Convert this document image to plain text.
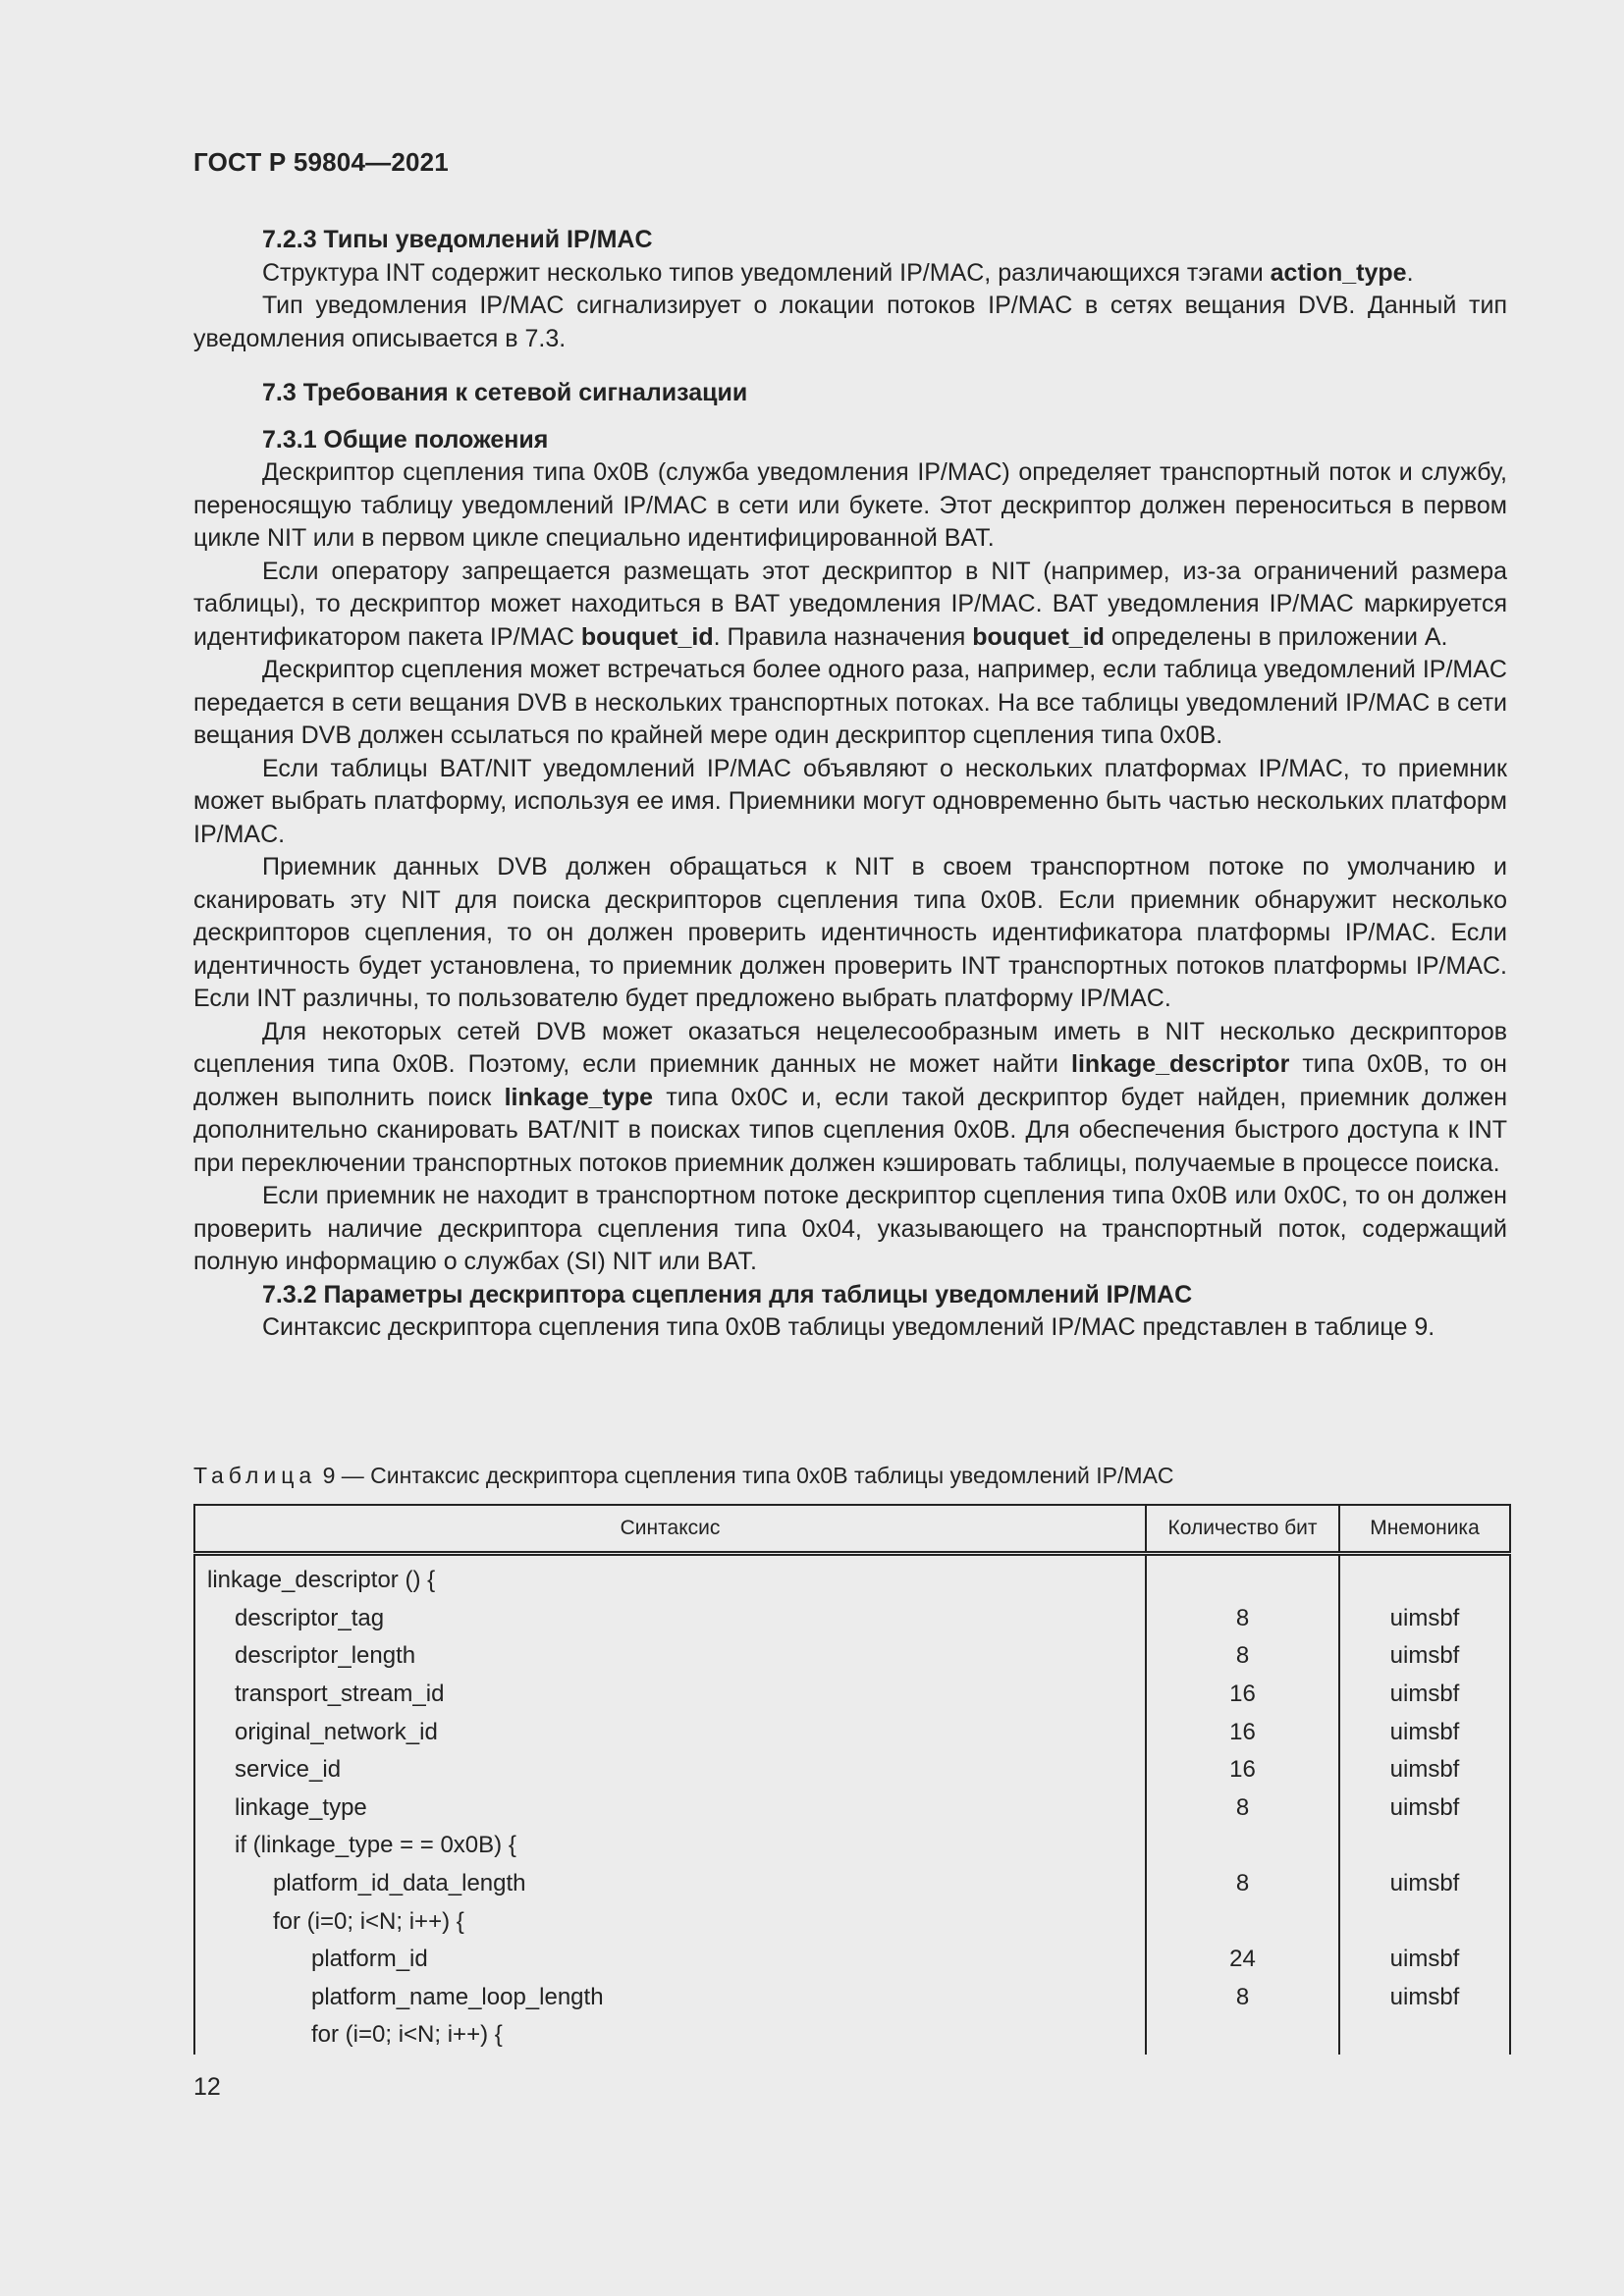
ГОСТ Р 59804—2021

7.2.3 Типы уведомлений IP/MAC

Структура INT содержит несколько типов уведомлений IP/MAC, различающихся тэгами action_type.

Тип уведомления IP/MAC сигнализирует о локации потоков IP/MAC в сетях вещания DVB. Данный тип уведомления описывается в 7.3.

7.3 Требования к сетевой сигнализации

7.3.1 Общие положения

Дескриптор сцепления типа 0x0B (служба уведомления IP/MAC) определяет транспортный поток и службу, переносящую таблицу уведомлений IP/MAC в сети или букете. Этот дескриптор должен переноситься в первом цикле NIT или в первом цикле специально идентифицированной BAT.

Если оператору запрещается размещать этот дескриптор в NIT (например, из-за ограничений размера таблицы), то дескриптор может находиться в BAT уведомления IP/MAC. BAT уведомления IP/MAC маркируется идентификатором пакета IP/MAC bouquet_id. Правила назначения bouquet_id определены в приложении А.

Дескриптор сцепления может встречаться более одного раза, например, если таблица уведомлений IP/MAC передается в сети вещания DVB в нескольких транспортных потоках. На все таблицы уведомлений IP/MAC в сети вещания DVB должен ссылаться по крайней мере один дескриптор сцепления типа 0x0B.

Если таблицы BAT/NIT уведомлений IP/MAC объявляют о нескольких платформах IP/MAC, то приемник может выбрать платформу, используя ее имя. Приемники могут одновременно быть частью нескольких платформ IP/MAC.

Приемник данных DVB должен обращаться к NIT в своем транспортном потоке по умолчанию и сканировать эту NIT для поиска дескрипторов сцепления типа 0x0B. Если приемник обнаружит несколько дескрипторов сцепления, то он должен проверить идентичность идентификатора платформы IP/MAC. Если идентичность будет установлена, то приемник должен проверить INT транспортных потоков платформы IP/MAC. Если INT различны, то пользователю будет предложено выбрать платформу IP/MAC.

Для некоторых сетей DVB может оказаться нецелесообразным иметь в NIT несколько дескрипторов сцепления типа 0x0B. Поэтому, если приемник данных не может найти linkage_descriptor типа 0x0B, то он должен выполнить поиск linkage_type типа 0x0C и, если такой дескриптор будет найден, приемник должен дополнительно сканировать BAT/NIT в поисках типов сцепления 0x0B. Для обеспечения быстрого доступа к INT при переключении транспортных потоков приемник должен кэшировать таблицы, получаемые в процессе поиска.

Если приемник не находит в транспортном потоке дескриптор сцепления типа 0x0B или 0x0C, то он должен проверить наличие дескриптора сцепления типа 0x04, указывающего на транспортный поток, содержащий полную информацию о службах (SI) NIT или BAT.

7.3.2 Параметры дескриптора сцепления для таблицы уведомлений IP/MAC

Синтаксис дескриптора сцепления типа 0x0B таблицы уведомлений IP/MAC представлен в таблице 9.

Таблица 9 — Синтаксис дескриптора сцепления типа 0x0B таблицы уведомлений IP/MAC
Синтаксис	Количество бит	Мнемоника
linkage_descriptor () {		
descriptor_tag	8	uimsbf
descriptor_length	8	uimsbf
transport_stream_id	16	uimsbf
original_network_id	16	uimsbf
service_id	16	uimsbf
linkage_type	8	uimsbf
if (linkage_type = = 0x0B) {		
platform_id_data_length	8	uimsbf
for (i=0; i<N; i++) {		
platform_id	24	uimsbf
platform_name_loop_length	8	uimsbf
for (i=0; i<N; i++) {		
12
